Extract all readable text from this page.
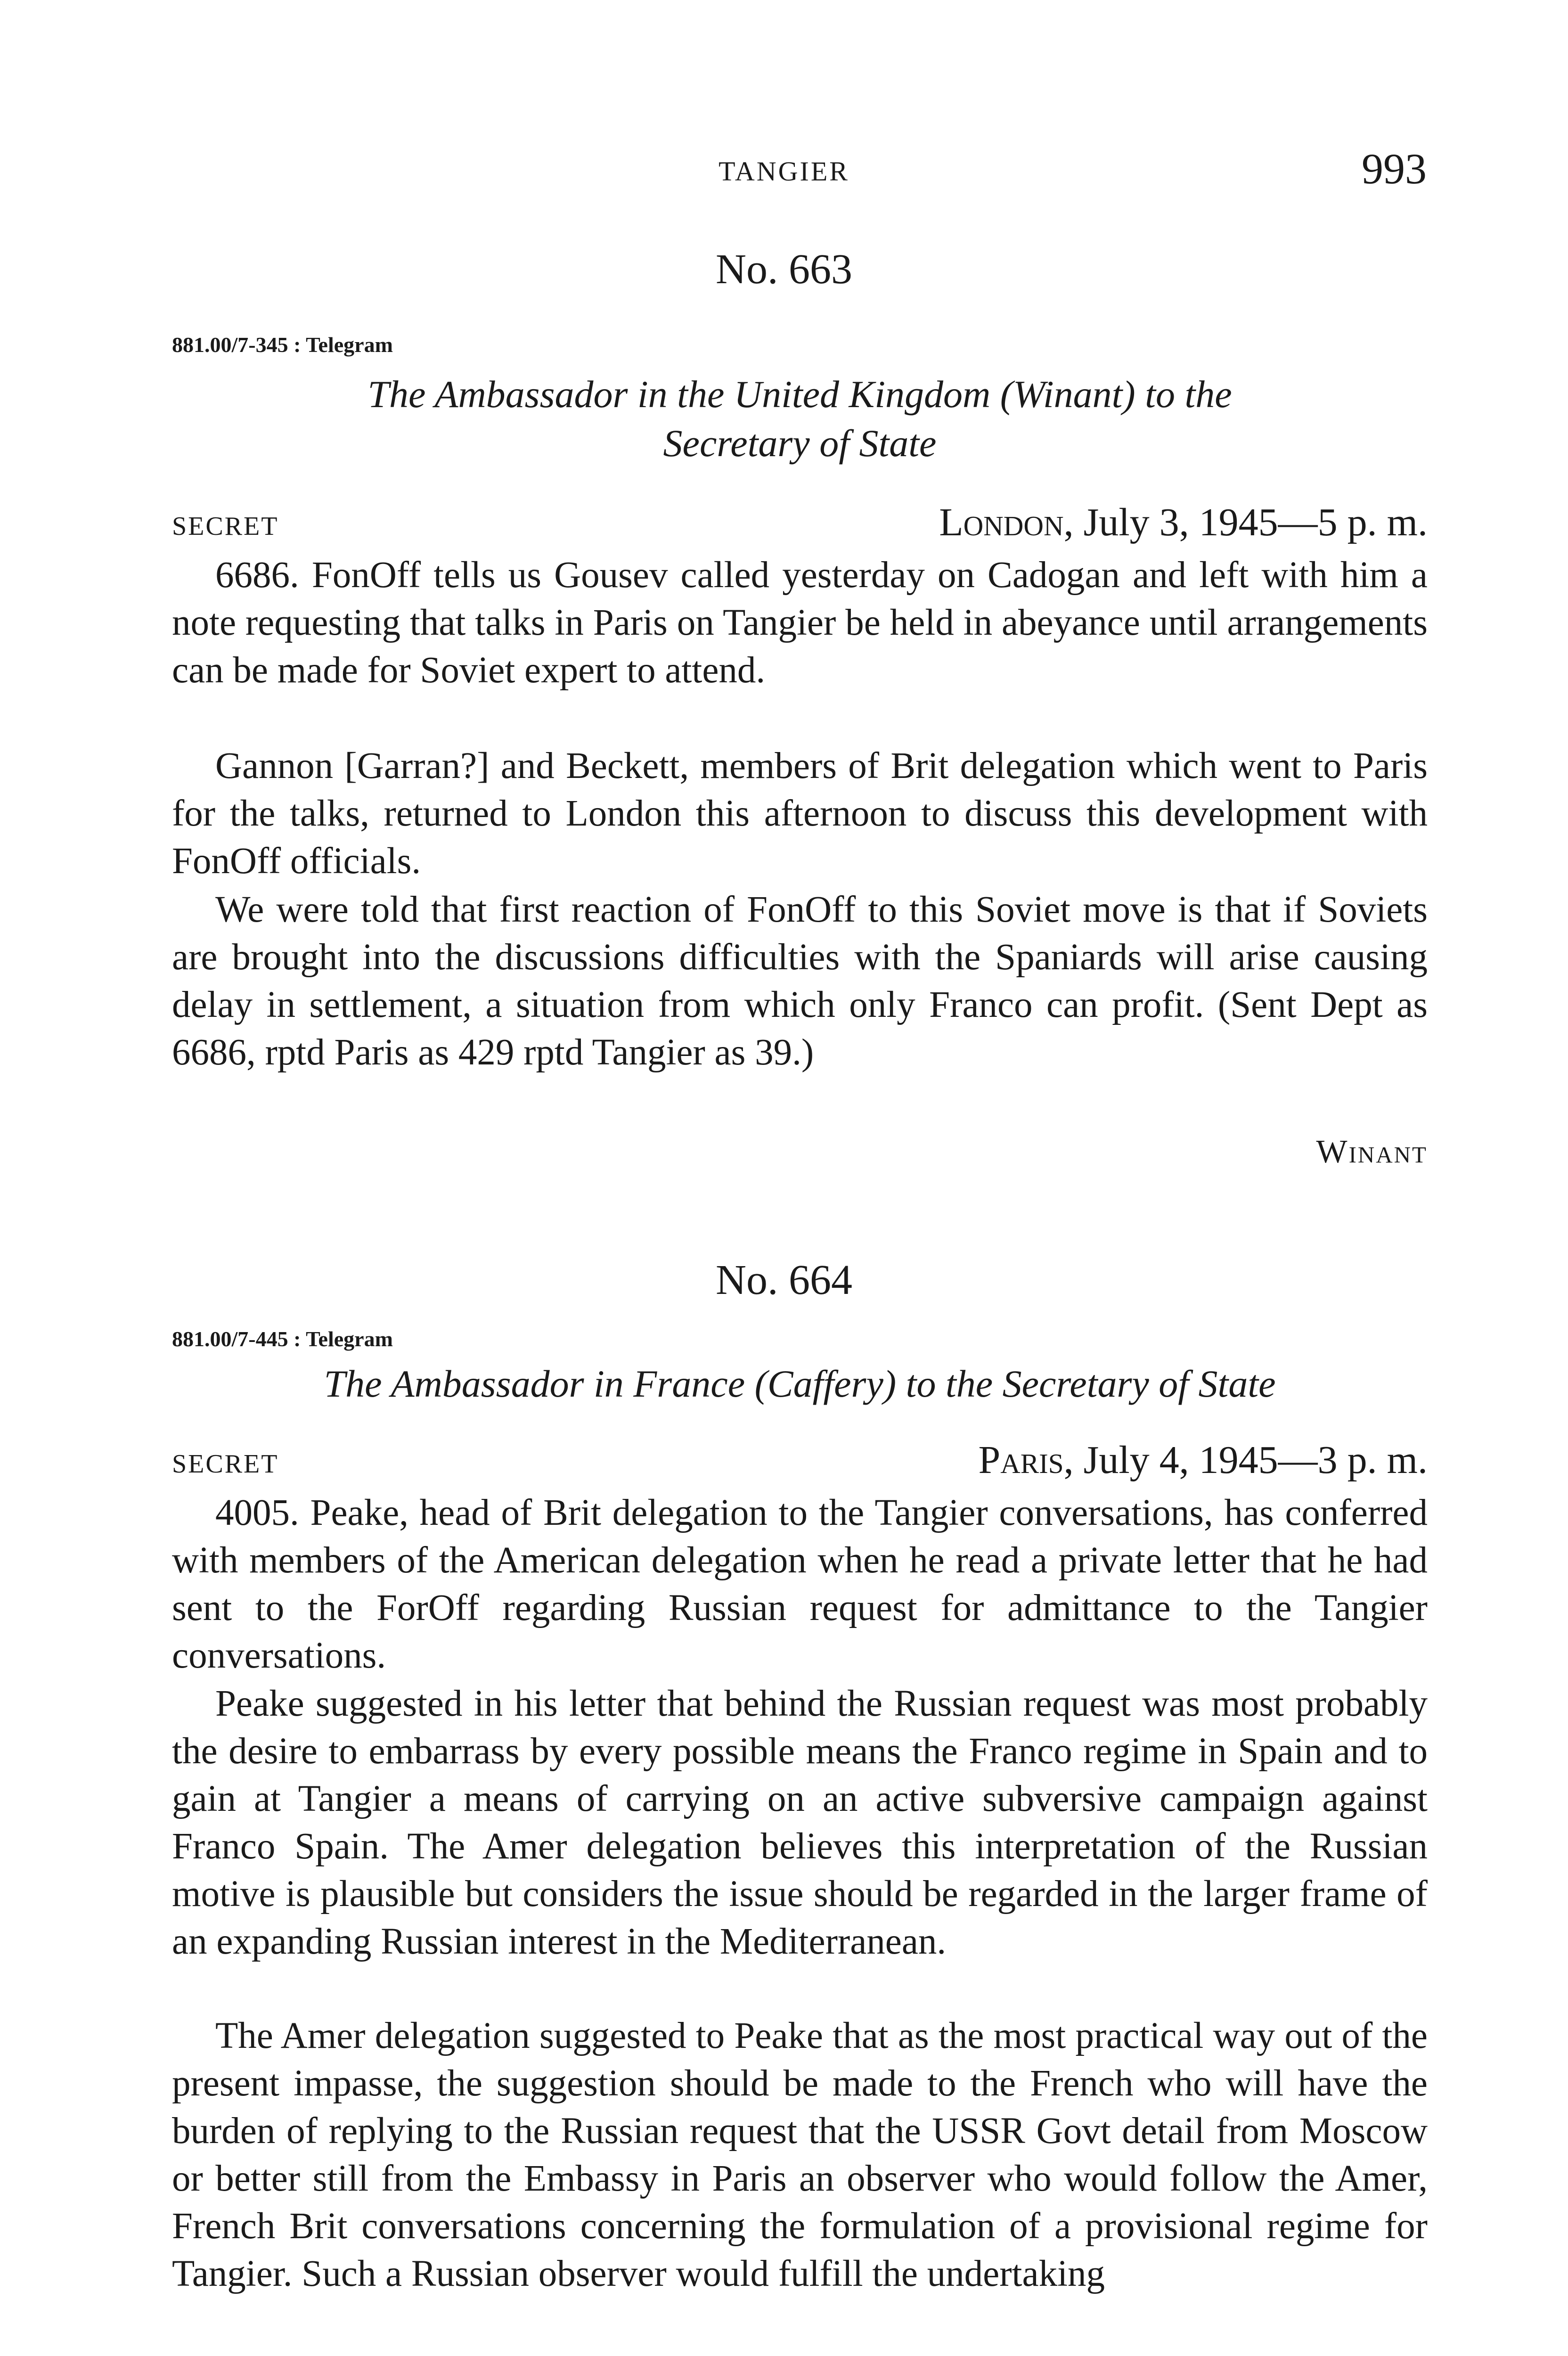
TANGIER	993
No. 663
881.00/7-345 : Telegram
The Ambassador in the United Kingdom (Winant) to the
Secretary of State
SECRET	London, July 3, 1945—5 p. m.

6686. FonOff tells us Gousev called yesterday on Cadogan and left with him a note requesting that talks in Paris on Tangier be held in abeyance until arrangements can be made for Soviet expert to attend.

Gannon [Garran?] and Beckett, members of Brit delegation which went to Paris for the talks, returned to London this afternoon to discuss this development with FonOff officials.

We were told that first reaction of FonOff to this Soviet move is that if Soviets are brought into the discussions difficulties with the Spaniards will arise causing delay in settlement, a situation from which only Franco can profit. (Sent Dept as 6686, rptd Paris as 429 rptd Tangier as 39.)

Winant
No. 664
881.00/7-445 : Telegram
The Ambassador in France (Caffery) to the Secretary of State
SECRET	Paris, July 4, 1945—3 p. m.

4005. Peake, head of Brit delegation to the Tangier conversations, has conferred with members of the American delegation when he read a private letter that he had sent to the ForOff regarding Russian request for admittance to the Tangier conversations.

Peake suggested in his letter that behind the Russian request was most probably the desire to embarrass by every possible means the Franco regime in Spain and to gain at Tangier a means of carrying on an active subversive campaign against Franco Spain. The Amer delegation believes this interpretation of the Russian motive is plausible but considers the issue should be regarded in the larger frame of an expanding Russian interest in the Mediterranean.

The Amer delegation suggested to Peake that as the most practical way out of the present impasse, the suggestion should be made to the French who will have the burden of replying to the Russian request that the USSR Govt detail from Moscow or better still from the Embassy in Paris an observer who would follow the Amer, French Brit conversations concerning the formulation of a provisional regime for Tangier. Such a Russian observer would fulfill the undertaking
